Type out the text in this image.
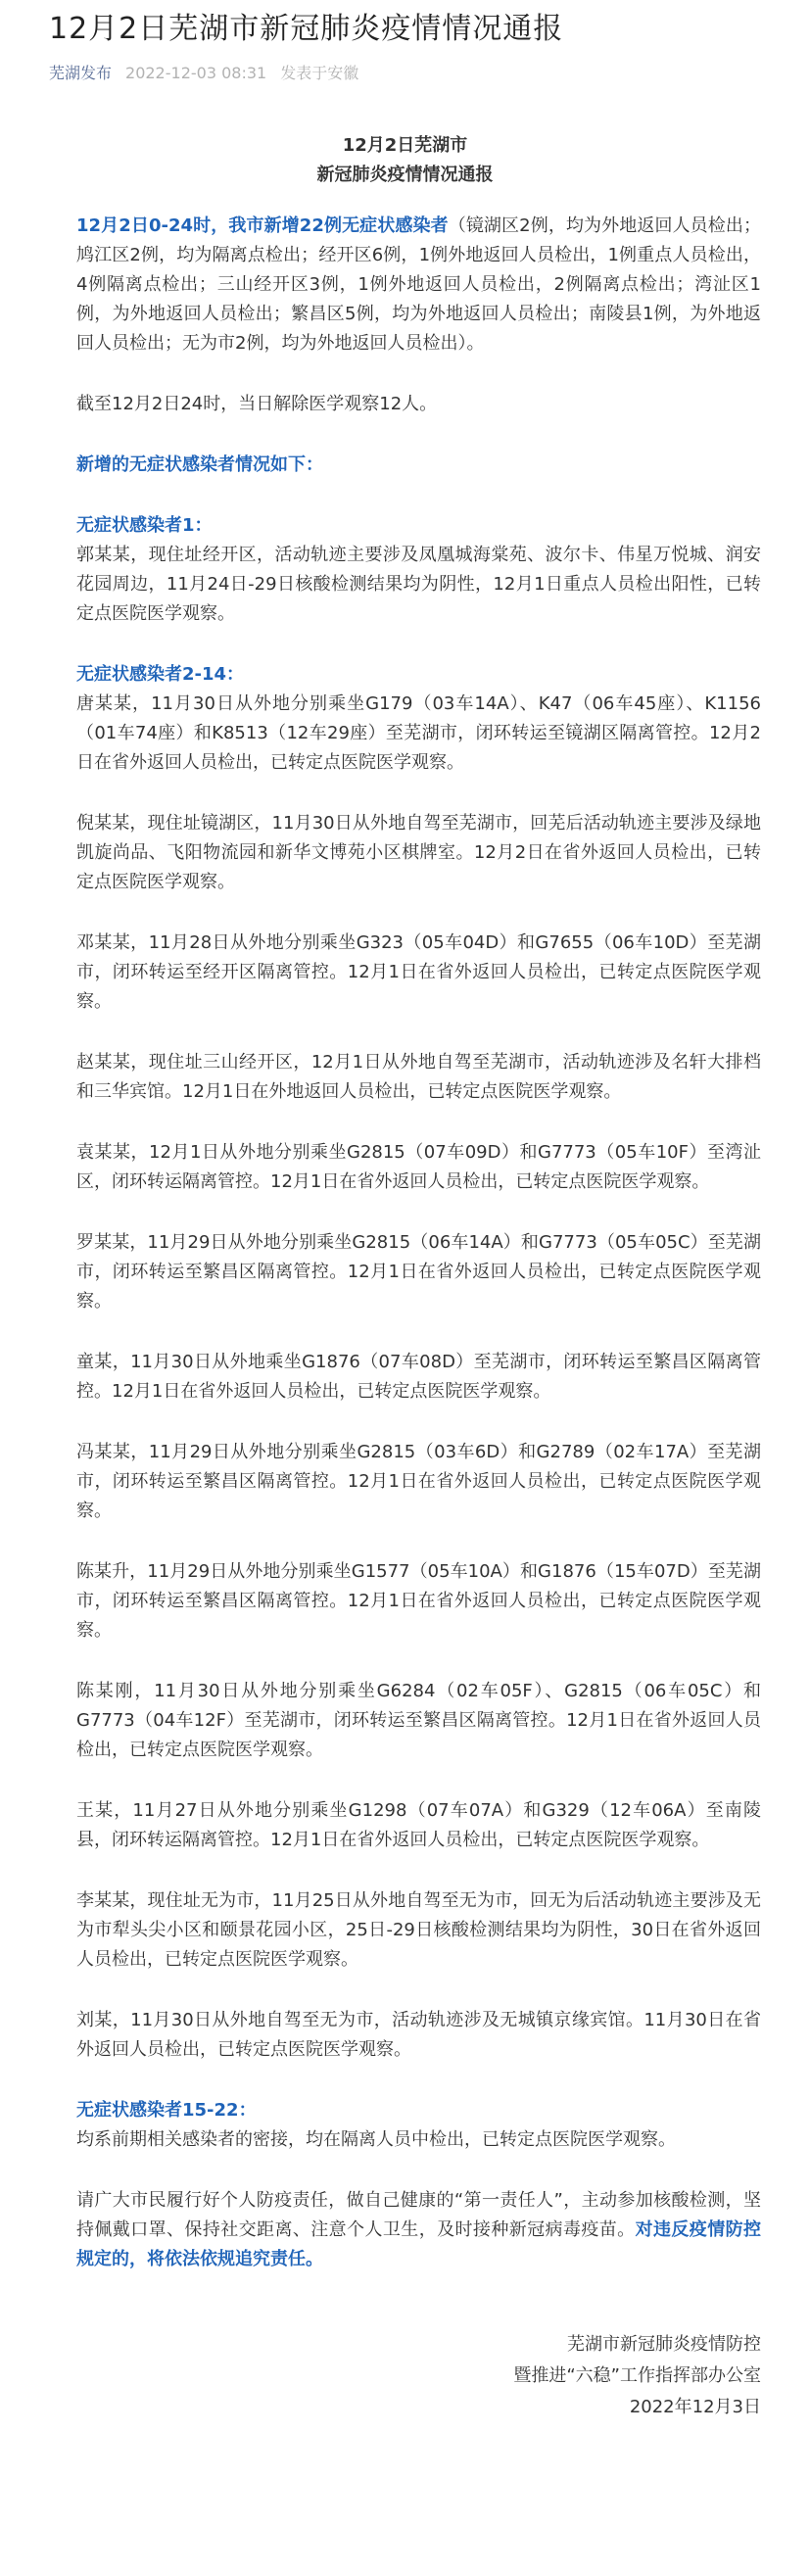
12月2日芜湖市新冠肺炎疫情情况通报
芜湖发布 2022-12-03 08:31 发表于安徽
12月2日芜湖市
新冠肺炎疫情情况通报

12月2日0-24时，我市新增22例无症状感染者（镜湖区2例，均为外地返回人员检出；鸠江区2例，均为隔离点检出；经开区6例，1例外地返回人员检出，1例重点人员检出，4例隔离点检出；三山经开区3例，1例外地返回人员检出，2例隔离点检出；湾沚区1例，为外地返回人员检出；繁昌区5例，均为外地返回人员检出；南陵县1例，为外地返回人员检出；无为市2例，均为外地返回人员检出）。

截至12月2日24时，当日解除医学观察12人。

新增的无症状感染者情况如下：

无症状感染者1：

郭某某，现住址经开区，活动轨迹主要涉及凤凰城海棠苑、波尔卡、伟星万悦城、润安花园周边，11月24日-29日核酸检测结果均为阴性，12月1日重点人员检出阳性，已转定点医院医学观察。

无症状感染者2-14：

唐某某，11月30日从外地分别乘坐G179（03车14A）、K47（06车45座）、K1156（01车74座）和K8513（12车29座）至芜湖市，闭环转运至镜湖区隔离管控。12月2日在省外返回人员检出，已转定点医院医学观察。

倪某某，现住址镜湖区，11月30日从外地自驾至芜湖市，回芜后活动轨迹主要涉及绿地凯旋尚品、飞阳物流园和新华文博苑小区棋牌室。12月2日在省外返回人员检出，已转定点医院医学观察。

邓某某，11月28日从外地分别乘坐G323（05车04D）和G7655（06车10D）至芜湖市，闭环转运至经开区隔离管控。12月1日在省外返回人员检出，已转定点医院医学观察。

赵某某，现住址三山经开区，12月1日从外地自驾至芜湖市，活动轨迹涉及名轩大排档和三华宾馆。12月1日在外地返回人员检出，已转定点医院医学观察。

袁某某，12月1日从外地分别乘坐G2815（07车09D）和G7773（05车10F）至湾沚区，闭环转运隔离管控。12月1日在省外返回人员检出，已转定点医院医学观察。

罗某某，11月29日从外地分别乘坐G2815（06车14A）和G7773（05车05C）至芜湖市，闭环转运至繁昌区隔离管控。12月1日在省外返回人员检出，已转定点医院医学观察。

童某，11月30日从外地乘坐G1876（07车08D）至芜湖市，闭环转运至繁昌区隔离管控。12月1日在省外返回人员检出，已转定点医院医学观察。

冯某某，11月29日从外地分别乘坐G2815（03车6D）和G2789（02车17A）至芜湖市，闭环转运至繁昌区隔离管控。12月1日在省外返回人员检出，已转定点医院医学观察。

陈某升，11月29日从外地分别乘坐G1577（05车10A）和G1876（15车07D）至芜湖市，闭环转运至繁昌区隔离管控。12月1日在省外返回人员检出，已转定点医院医学观察。

陈某刚，11月30日从外地分别乘坐G6284（02车05F）、G2815（06车05C）和G7773（04车12F）至芜湖市，闭环转运至繁昌区隔离管控。12月1日在省外返回人员检出，已转定点医院医学观察。

王某，11月27日从外地分别乘坐G1298（07车07A）和G329（12车06A）至南陵县，闭环转运隔离管控。12月1日在省外返回人员检出，已转定点医院医学观察。

李某某，现住址无为市，11月25日从外地自驾至无为市，回无为后活动轨迹主要涉及无为市犁头尖小区和颐景花园小区，25日-29日核酸检测结果均为阴性，30日在省外返回人员检出，已转定点医院医学观察。

刘某，11月30日从外地自驾至无为市，活动轨迹涉及无城镇京缘宾馆。11月30日在省外返回人员检出，已转定点医院医学观察。

无症状感染者15-22：

均系前期相关感染者的密接，均在隔离人员中检出，已转定点医院医学观察。

请广大市民履行好个人防疫责任，做自己健康的“第一责任人”，主动参加核酸检测，坚持佩戴口罩、保持社交距离、注意个人卫生，及时接种新冠病毒疫苗。对违反疫情防控规定的，将依法依规追究责任。

芜湖市新冠肺炎疫情防控
暨推进“六稳”工作指挥部办公室
2022年12月3日
